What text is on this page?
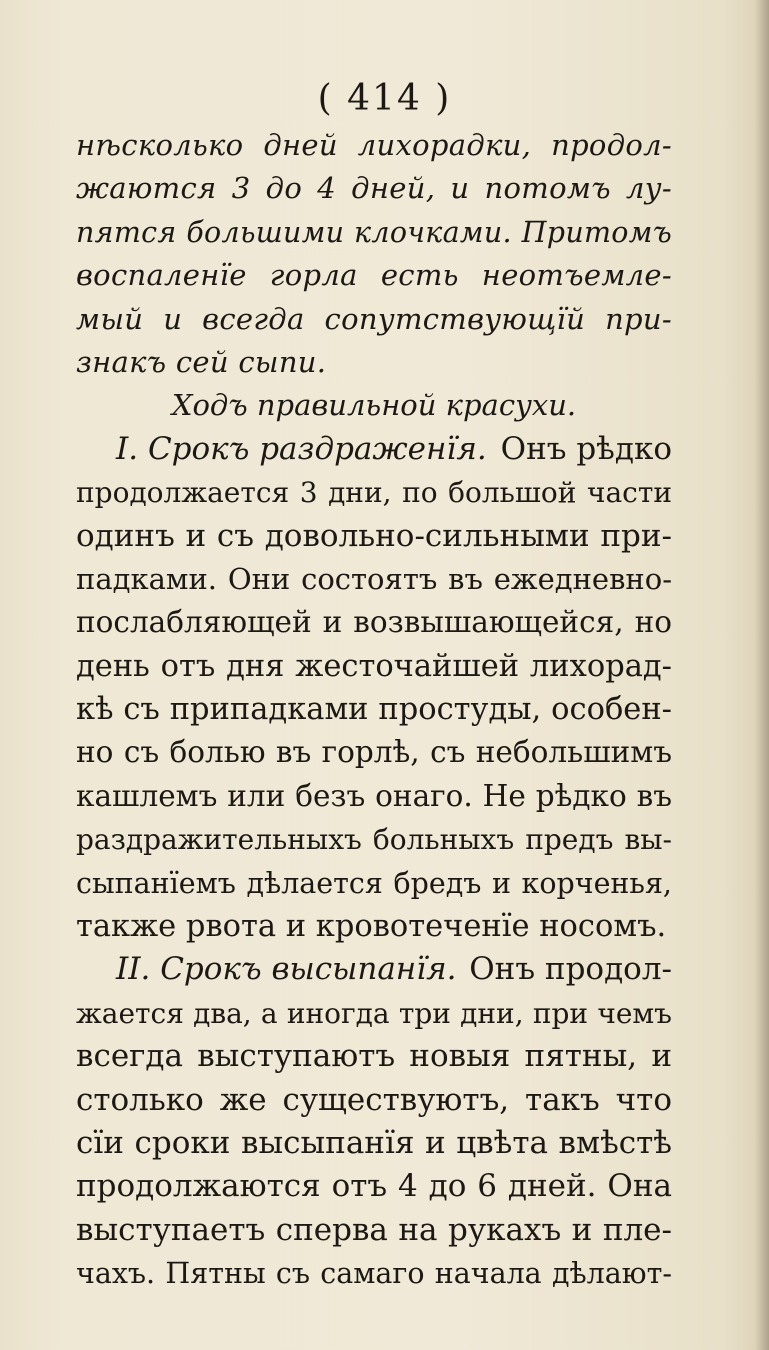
( 414 )
нѣсколько дней лихорадки, продол-
жаются 3 до 4 дней, и потомъ лу-
пятся большими клочками. Притомъ
воспаленїе горла есть неотъемле-
мый и всегда сопутствующїй при-
знакъ сей сыпи.
Ходъ правильной красухи.
I. Срокъ раздраженїя. Онъ рѣдко
продолжается 3 дни, по большой части
одинъ и съ довольно-сильными при-
падками. Они состоятъ въ ежедневно-
послабляющей и возвышающейся, но
день отъ дня жесточайшей лихорад-
кѣ съ припадками простуды, особен-
но съ болью въ горлѣ, съ небольшимъ
кашлемъ или безъ онаго. Не рѣдко въ
раздражительныхъ больныхъ предъ вы-
сыпанїемъ дѣлается бредъ и корченья,
также рвота и кровотеченїе носомъ.
II. Срокъ высыпанїя. Онъ продол-
жается два, а иногда три дни, при чемъ
всегда выступаютъ новыя пятны, и
столько же существуютъ, такъ что
сїи сроки высыпанїя и цвѣта вмѣстѣ
продолжаются отъ 4 до 6 дней. Она
выступаетъ сперва на рукахъ и пле-
чахъ. Пятны съ самаго начала дѣлают-
